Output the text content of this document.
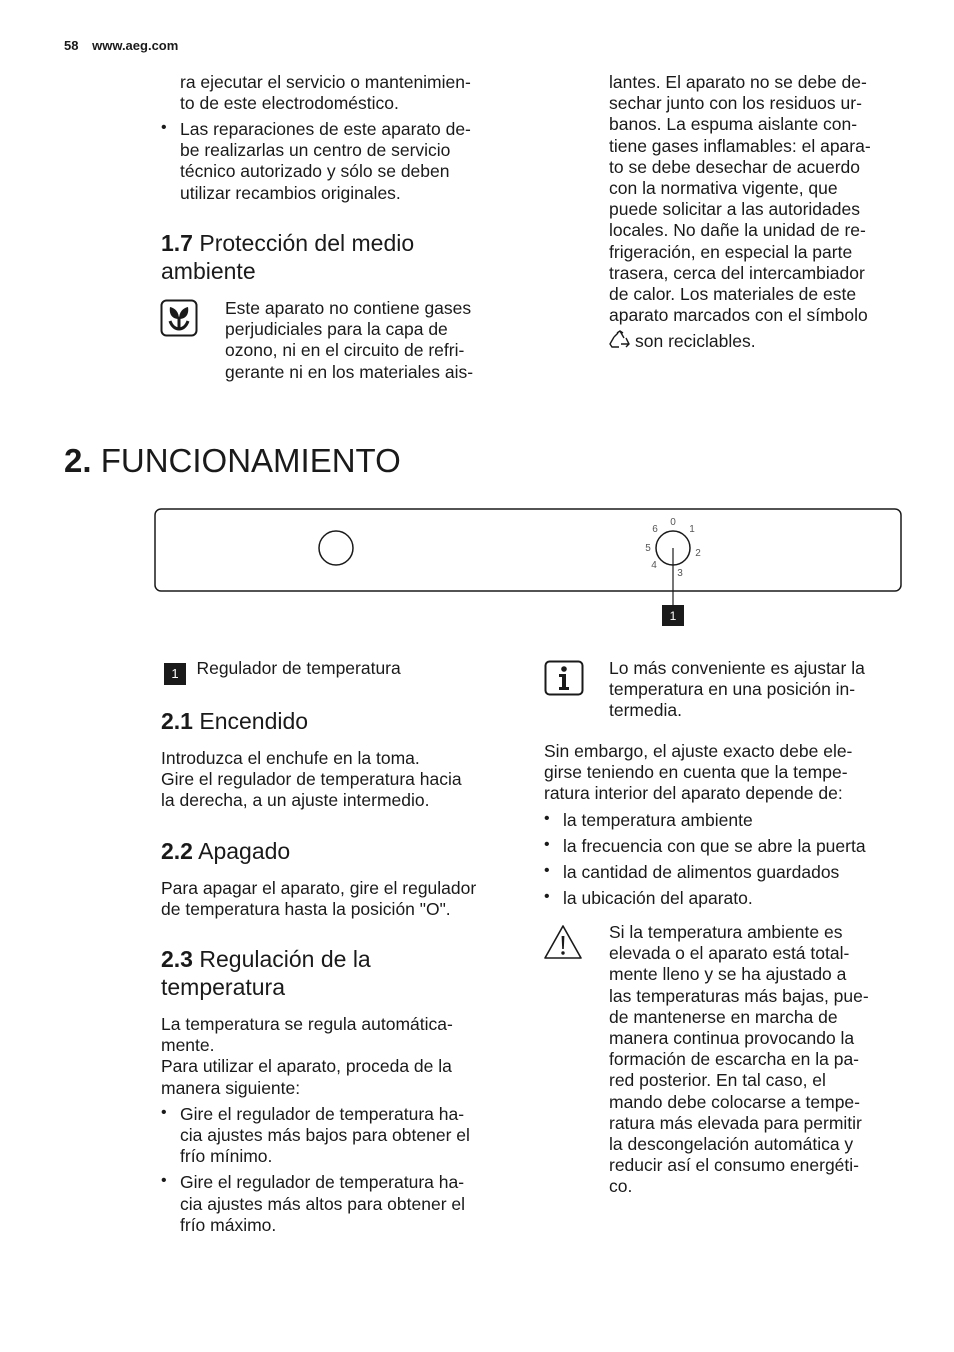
58 www.aeg.com

ra ejecutar el servicio o mantenimien-

to de este electrodoméstico.

• Las reparaciones de este aparato de-

be realizarlas un centro de servicio

técnico autorizado y sólo se deben

utilizar recambios originales.

1.7 Protección del medio
ambiente

Este aparato no contiene gases

perjudiciales para la capa de

ozono, ni en el circuito de refri-

gerante ni en los materiales ais-

lantes. El aparato no se debe de-

sechar junto con los residuos ur-

banos. La espuma aislante con-

tiene gases inflamables: el apara-

to se debe desechar de acuerdo

con la normativa vigente, que

puede solicitar a las autoridades

locales. No dañe la unidad de re-

frigeración, en especial la parte

trasera, cerca del intercambiador

de calor. Los materiales de este

aparato marcados con el símbolo

son reciclables.

2. FUNCIONAMIENTO
0
1
2
3
4
5
6
1
1 Regulador de temperatura
2.1 Encendido

Introduzca el enchufe en la toma.

Gire el regulador de temperatura hacia

la derecha, a un ajuste intermedio.

2.2 Apagado

Para apagar el aparato, gire el regulador

de temperatura hasta la posición "O".

2.3 Regulación de la
temperatura

La temperatura se regula automática-

mente.

Para utilizar el aparato, proceda de la

manera siguiente:

• Gire el regulador de temperatura ha-

cia ajustes más bajos para obtener el

frío mínimo.

• Gire el regulador de temperatura ha-

cia ajustes más altos para obtener el

frío máximo.

Lo más conveniente es ajustar la

temperatura en una posición in-

termedia.

Sin embargo, el ajuste exacto debe ele-

girse teniendo en cuenta que la tempe-

ratura interior del aparato depende de:

• la temperatura ambiente

• la frecuencia con que se abre la puerta

• la cantidad de alimentos guardados

• la ubicación del aparato.

Si la temperatura ambiente es

elevada o el aparato está total-

mente lleno y se ha ajustado a

las temperaturas más bajas, pue-

de mantenerse en marcha de

manera continua provocando la

formación de escarcha en la pa-

red posterior. En tal caso, el

mando debe colocarse a tempe-

ratura más elevada para permitir

la descongelación automática y

reducir así el consumo energéti-

co.
